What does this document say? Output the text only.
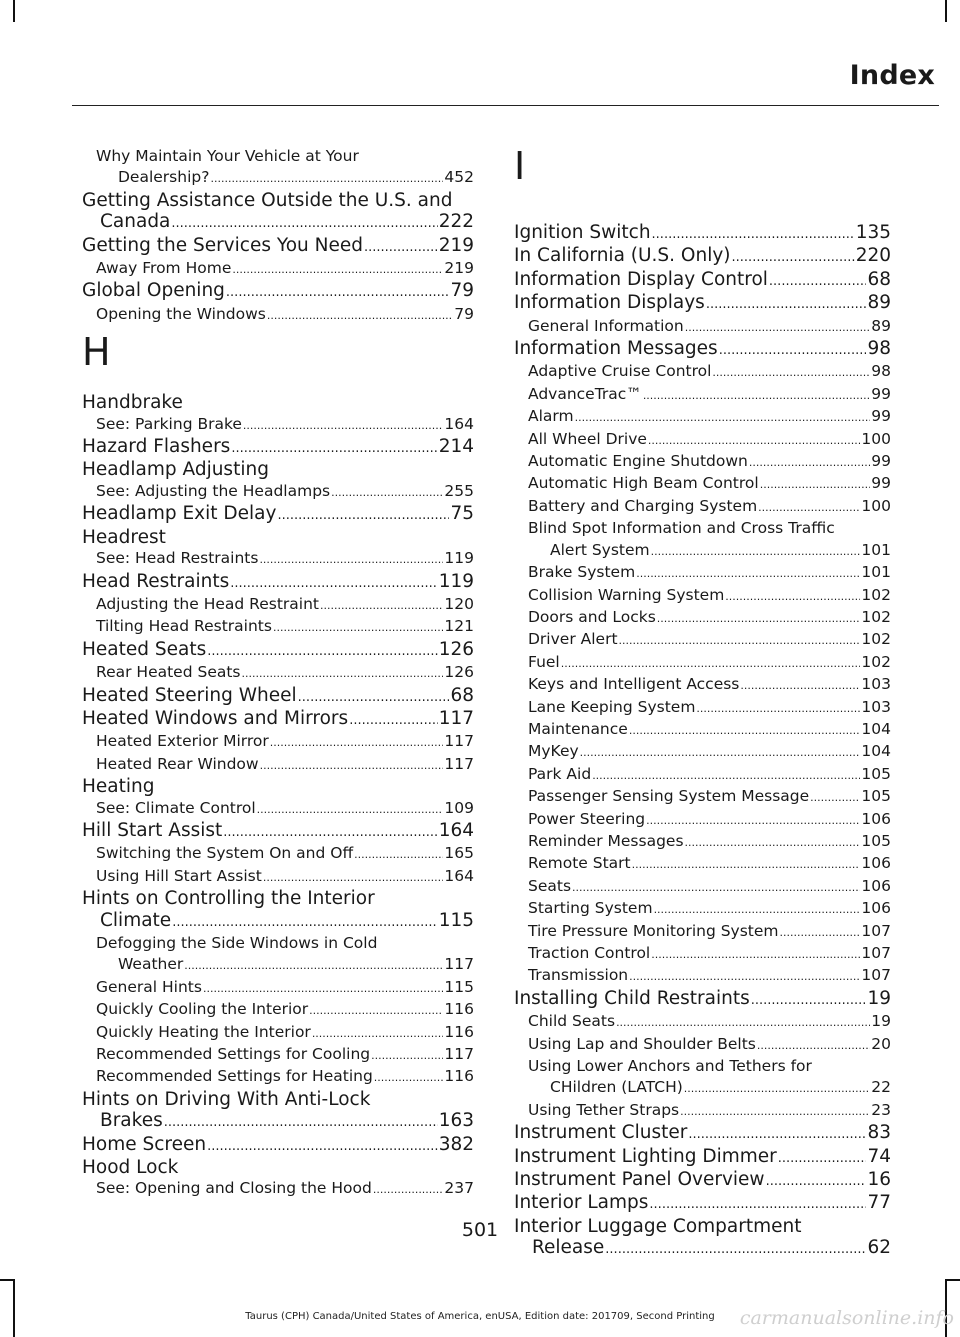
Index
Why Maintain Your Vehicle at Your
Dealership? .....	452
Getting Assistance Outside the U.S. and
Canada .....	222
Getting the Services You Need .....	219
Away From Home .....	219
Global Opening .....	79
Opening the Windows .....	79
H
Handbrake
See: Parking Brake .....	164
Hazard Flashers .....	214
Headlamp Adjusting
See: Adjusting the Headlamps .....	255
Headlamp Exit Delay .....	75
Headrest
See: Head Restraints .....	119
Head Restraints .....	119
Adjusting the Head Restraint .....	120
Tilting Head Restraints .....	121
Heated Seats .....	126
Rear Heated Seats .....	126
Heated Steering Wheel .....	68
Heated Windows and Mirrors .....	117
Heated Exterior Mirror .....	117
Heated Rear Window .....	117
Heating
See: Climate Control .....	109
Hill Start Assist .....	164
Switching the System On and Off .....	165
Using Hill Start Assist .....	164
Hints on Controlling the Interior
Climate .....	115
Defogging the Side Windows in Cold
Weather .....	117
General Hints .....	115
Quickly Cooling the Interior .....	116
Quickly Heating the Interior .....	116
Recommended Settings for Cooling .....	117
Recommended Settings for Heating .....	116
Hints on Driving With Anti-Lock
Brakes .....	163
Home Screen .....	382
Hood Lock
See: Opening and Closing the Hood .....	237
I
Ignition Switch .....	135
In California (U.S. Only) .....	220
Information Display Control .....	68
Information Displays .....	89
General Information .....	89
Information Messages .....	98
Adaptive Cruise Control .....	98
AdvanceTrac™ .....	99
Alarm .....	99
All Wheel Drive .....	100
Automatic Engine Shutdown .....	99
Automatic High Beam Control .....	99
Battery and Charging System .....	100
Blind Spot Information and Cross Traffic
Alert System .....	101
Brake System .....	101
Collision Warning System .....	102
Doors and Locks .....	102
Driver Alert .....	102
Fuel .....	102
Keys and Intelligent Access .....	103
Lane Keeping System .....	103
Maintenance .....	104
MyKey .....	104
Park Aid .....	105
Passenger Sensing System Message .....	105
Power Steering .....	106
Reminder Messages .....	105
Remote Start .....	106
Seats .....	106
Starting System .....	106
Tire Pressure Monitoring System .....	107
Traction Control .....	107
Transmission .....	107
Installing Child Restraints .....	19
Child Seats .....	19
Using Lap and Shoulder Belts .....	20
Using Lower Anchors and Tethers for
CHildren (LATCH) .....	22
Using Tether Straps .....	23
Instrument Cluster .....	83
Instrument Lighting Dimmer .....	74
Instrument Panel Overview .....	16
Interior Lamps .....	77
Interior Luggage Compartment
Release .....	62
501
Taurus (CPH) Canada/United States of America, enUSA, Edition date: 201709, Second Printing	carmanualsonline.info
